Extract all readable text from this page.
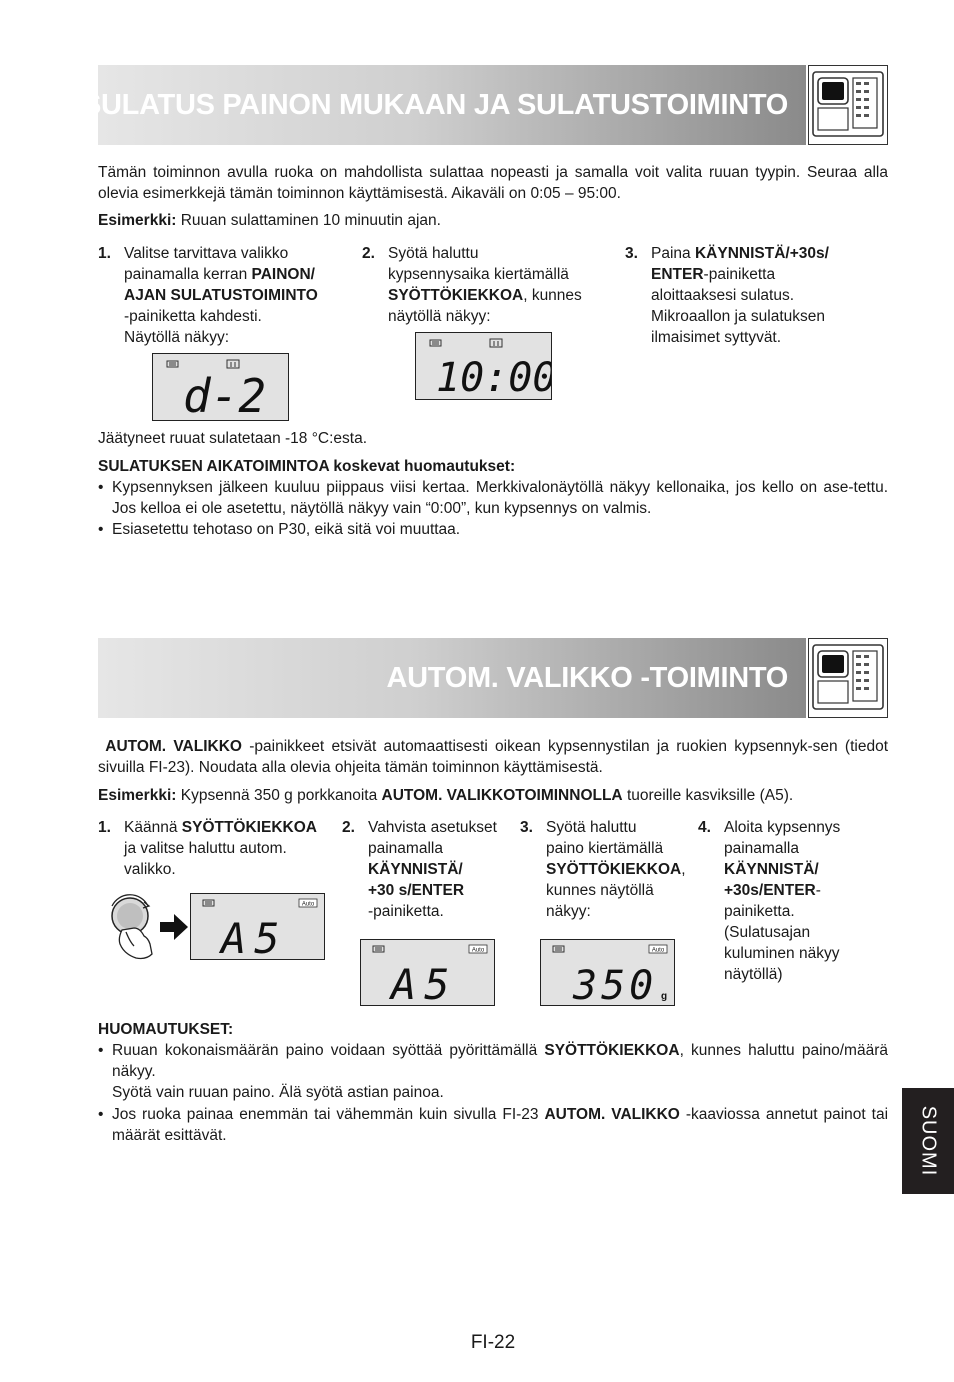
SULATUS PAINON MUKAAN JA SULATUSTOIMINTO
Tämän toiminnon avulla ruoka on mahdollista sulattaa nopeasti ja samalla voit valita ruuan tyypin. Seuraa alla olevia esimerkkejä tämän toiminnon käyttämisestä. Aikaväli on 0:05 – 95:00.
Esimerkki: Ruuan sulattaminen 10 minuutin ajan.
1. Valitse tarvittava valikko
painamalla kerran PAINON/
AJAN SULATUSTOIMINTO
-painiketta kahdesti.
Näytöllä näkyy:
2. Syötä haluttu
kypsennysaika kiertämällä
SYÖTTÖKIEKKOA, kunnes
näytöllä näkyy:
3. Paina KÄYNNISTÄ/+30s/
ENTER-painiketta
aloittaaksesi sulatus.
Mikroaallon ja sulatuksen
ilmaisimet syttyvät.
d-2	10:00
Jäätyneet ruuat sulatetaan -18 °C:esta.
SULATUKSEN AIKATOIMINTOA koskevat huomautukset:
• Kypsennyksen jälkeen kuuluu piippaus viisi kertaa. Merkkivalonäytöllä näkyy kellonaika, jos kello on ase-tettu. Jos kelloa ei ole asetettu, näytöllä näkyy vain “0:00”, kun kypsennys on valmis.
• Esiasetettu tehotaso on P30, eikä sitä voi muuttaa.
AUTOM. VALIKKO -TOIMINTO
AUTOM. VALIKKO -painikkeet etsivät automaattisesti oikean kypsennystilan ja ruokien kypsennyk-sen (tiedot sivuilla FI-23). Noudata alla olevia ohjeita tämän toiminnon käyttämisestä.
Esimerkki: Kypsennä 350 g porkkanoita AUTOM. VALIKKOTOIMINNOLLA tuoreille kasviksille (A5).
1. Käännä SYÖTTÖKIEKKOA
ja valitse haluttu autom.
valikko.
2. Vahvista asetukset
painamalla
KÄYNNISTÄ/
+30 s/ENTER
-painiketta.
3. Syötä haluttu
paino kiertämällä
SYÖTTÖKIEKKOA,
kunnes näytöllä
näkyy:
4. Aloita kypsennys
painamalla
KÄYNNISTÄ/
+30s/ENTER-
painiketta.
(Sulatusajan
kuluminen näkyy
näytöllä)
Auto
A5	Auto
A5
Auto
350 g
HUOMAUTUKSET:
• Ruuan kokonaismäärän paino voidaan syöttää pyörittämällä SYÖTTÖKIEKKOA, kunnes haluttu paino/määrä näkyy.
Syötä vain ruuan paino. Älä syötä astian painoa.
• Jos ruoka painaa enemmän tai vähemmän kuin sivulla FI-23 AUTOM. VALIKKO -kaaviossa annetut painot tai määrät esittävät.	SUOMI
FI-22
